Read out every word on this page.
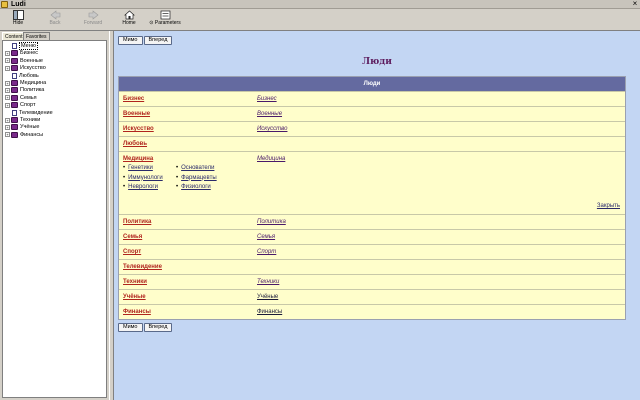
Ludi	×
Hide	Back	Forward	Home	⊙ Parameters
Content Favorites
Меню
+ Бизнес
+ Военные
+ Искусство
Любовь
+ Медицина
+ Политика
+ Семья
+ Спорт
Телевидение
+ Техники
+ Учёные
+ Финансы
Мимо Вперед
Люди
Люди
Бизнес	Бизнес
Военные	Военные
Искусство	Искусство
Любовь
Медицина	Медицина
• Генетики
• Иммунологи
• Неврологи
• Основатели
• Фармацевты
• Физиологи
Закрыть
Политика	Политика
Семья	Семья
Спорт	Спорт
Телевидение
Техники	Техники
Учёные	Учёные
Финансы	Финансы
Мимо Вперед
